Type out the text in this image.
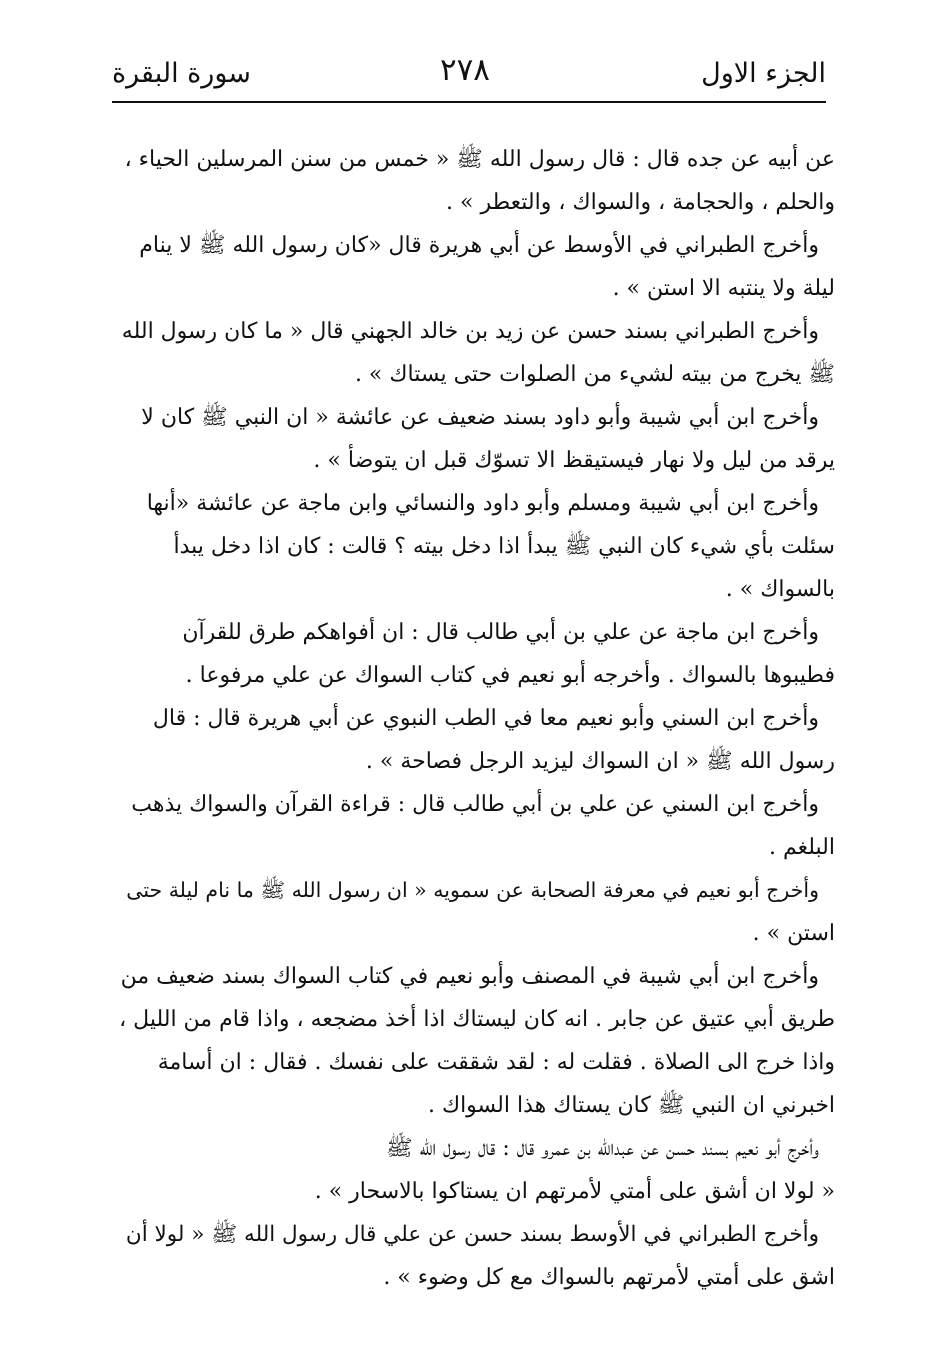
سورة البقرة	٢٧٨	الجزء الاول
عن أبيه عن جده قال : قال رسول الله ﷺ « خمس من سنن المرسلين الحياء ،
والحلم ، والحجامة ، والسواك ، والتعطر » .
وأخرج الطبراني في الأوسط عن أبي هريرة قال «كان رسول الله ﷺ لا ينام
ليلة ولا ينتبه الا استن » .
وأخرج الطبراني بسند حسن عن زيد بن خالد الجهني قال « ما كان رسول الله
ﷺ يخرج من بيته لشيء من الصلوات حتى يستاك » .
وأخرج ابن أبي شيبة وأبو داود بسند ضعيف عن عائشة « ان النبي ﷺ كان لا
يرقد من ليل ولا نهار فيستيقظ الا تسوّك قبل ان يتوضأ » .
وأخرج ابن أبي شيبة ومسلم وأبو داود والنسائي وابن ماجة عن عائشة «أنها
سئلت بأي شيء كان النبي ﷺ يبدأ اذا دخل بيته ؟ قالت : كان اذا دخل يبدأ
بالسواك » .
وأخرج ابن ماجة عن علي بن أبي طالب قال : ان أفواهكم طرق للقرآن
فطيبوها بالسواك . وأخرجه أبو نعيم في كتاب السواك عن علي مرفوعا .
وأخرج ابن السني وأبو نعيم معا في الطب النبوي عن أبي هريرة قال : قال
رسول الله ﷺ « ان السواك ليزيد الرجل فصاحة » .
وأخرج ابن السني عن علي بن أبي طالب قال : قراءة القرآن والسواك يذهب
البلغم .
وأخرج أبو نعيم في معرفة الصحابة عن سمويه « ان رسول الله ﷺ ما نام ليلة حتى
استن » .
وأخرج ابن أبي شيبة في المصنف وأبو نعيم في كتاب السواك بسند ضعيف من
طريق أبي عتيق عن جابر . انه كان ليستاك اذا أخذ مضجعه ، واذا قام من الليل ،
واذا خرج الى الصلاة . فقلت له : لقد شققت على نفسك . فقال : ان أسامة
اخبرني ان النبي ﷺ كان يستاك هذا السواك .
وأخرج أبو نعيم بسند حسن عن عبدالله بن عمرو قال : قال رسول الله ﷺ
« لولا ان أشق على أمتي لأمرتهم ان يستاكوا بالاسحار » .
وأخرج الطبراني في الأوسط بسند حسن عن علي قال رسول الله ﷺ « لولا أن
اشق على أمتي لأمرتهم بالسواك مع كل وضوء » .
